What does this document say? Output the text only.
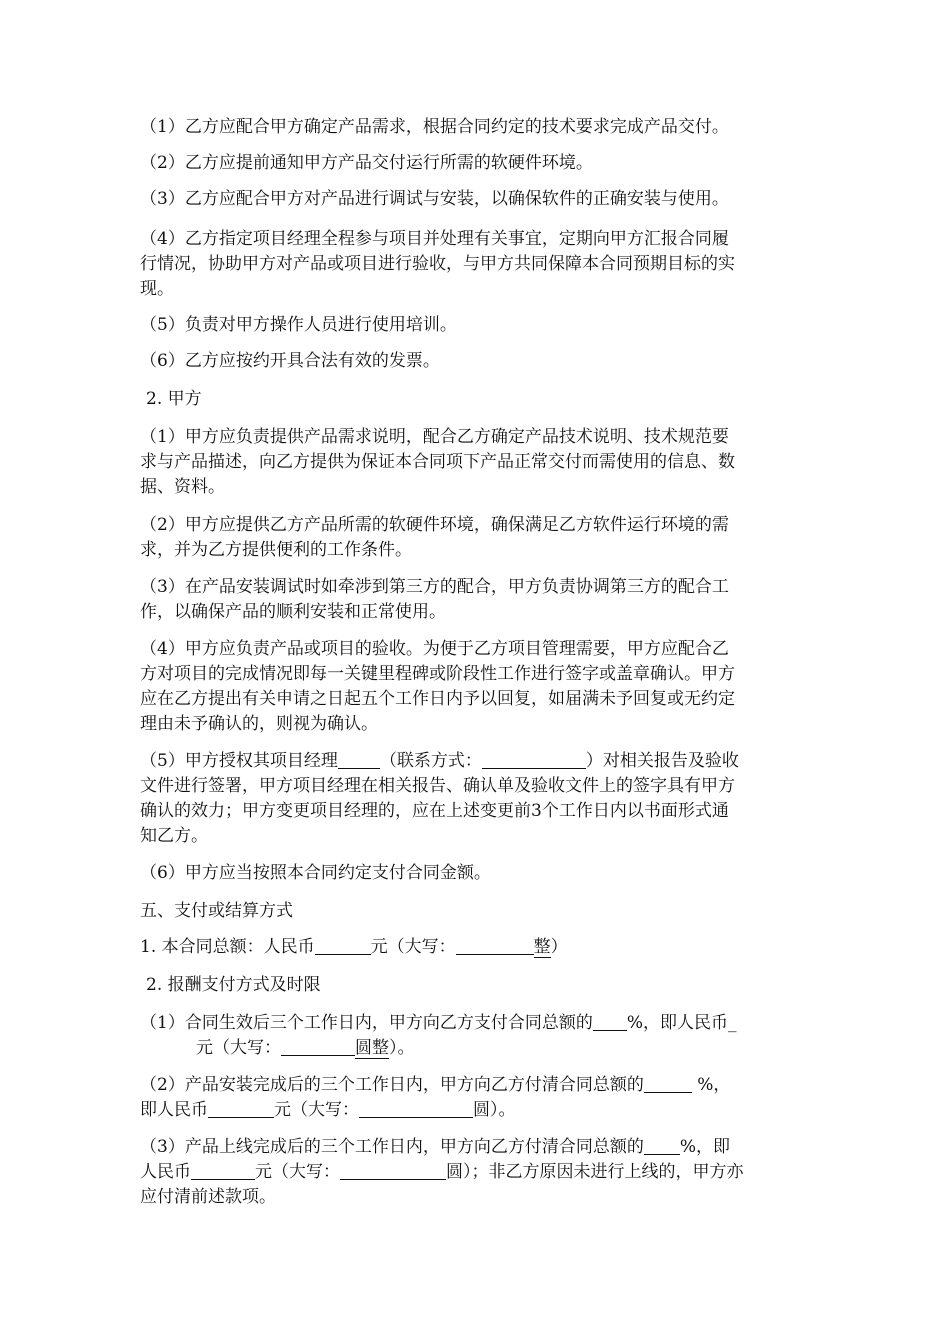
（1）乙方应配合甲方确定产品需求，根据合同约定的技术要求完成产品交付。

（2）乙方应提前通知甲方产品交付运行所需的软硬件环境。

（3）乙方应配合甲方对产品进行调试与安装，以确保软件的正确安装与使用。

（4）乙方指定项目经理全程参与项目并处理有关事宜，定期向甲方汇报合同履
行情况，协助甲方对产品或项目进行验收，与甲方共同保障本合同预期目标的实
现。

（5）负责对甲方操作人员进行使用培训。

（6）乙方应按约开具合法有效的发票。

2. 甲方

（1）甲方应负责提供产品需求说明，配合乙方确定产品技术说明、技术规范要
求与产品描述，向乙方提供为保证本合同项下产品正常交付而需使用的信息、数
据、资料。

（2）甲方应提供乙方产品所需的软硬件环境，确保满足乙方软件运行环境的需
求，并为乙方提供便利的工作条件。

（3）在产品安装调试时如牵涉到第三方的配合，甲方负责协调第三方的配合工
作，以确保产品的顺利安装和正常使用。

（4）甲方应负责产品或项目的验收。为便于乙方项目管理需要，甲方应配合乙
方对项目的完成情况即每一关键里程碑或阶段性工作进行签字或盖章确认。甲方
应在乙方提出有关申请之日起五个工作日内予以回复，如届满未予回复或无约定
理由未予确认的，则视为确认。

（5）甲方授权其项目经理 （联系方式：	）对相关报告及验收
文件进行签署，甲方项目经理在相关报告、确认单及验收文件上的签字具有甲方
确认的效力；甲方变更项目经理的，应在上述变更前3个工作日内以书面形式通
知乙方。

（6）甲方应当按照本合同约定支付合同金额。

五、支付或结算方式

1. 本合同总额：人民币	元（大写：	整）

2. 报酬支付方式及时限

（1）合同生效后三个工作日内，甲方向乙方支付合同总额的 %，即人民币_
元（大写：	圆整）。

（2）产品安装完成后的三个工作日内，甲方向乙方付清合同总额的	%，
即人民币	元（大写：	圆）。

（3）产品上线完成后的三个工作日内，甲方向乙方付清合同总额的 %，即
人民币	元（大写：	圆）；非乙方原因未进行上线的，甲方亦
应付清前述款项。
